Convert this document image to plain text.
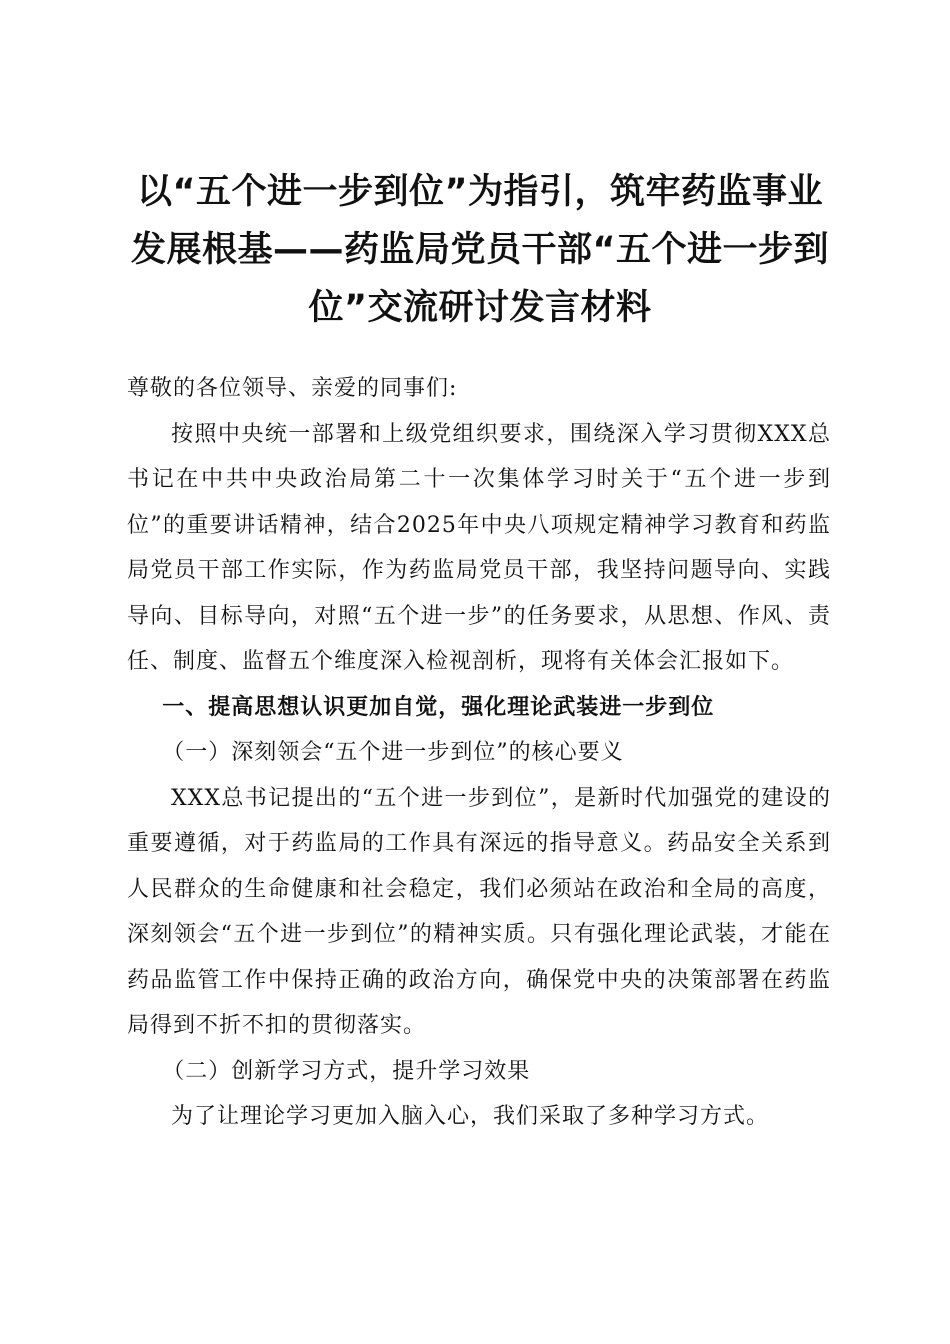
以“五个进一步到位”为指引，筑牢药监事业发展根基——药监局党员干部“五个进一步到位”交流研讨发言材料

尊敬的各位领导、亲爱的同事们:

按照中央统一部署和上级党组织要求，围绕深入学习贯彻XXX总书记在中共中央政治局第二十一次集体学习时关于“五个进一步到位”的重要讲话精神，结合2025年中央八项规定精神学习教育和药监局党员干部工作实际，作为药监局党员干部，我坚持问题导向、实践导向、目标导向，对照“五个进一步”的任务要求，从思想、作风、责任、制度、监督五个维度深入检视剖析，现将有关体会汇报如下。

一、提高思想认识更加自觉，强化理论武装进一步到位

（一）深刻领会“五个进一步到位”的核心要义

XXX总书记提出的“五个进一步到位”，是新时代加强党的建设的重要遵循，对于药监局的工作具有深远的指导意义。药品安全关系到人民群众的生命健康和社会稳定，我们必须站在政治和全局的高度，深刻领会“五个进一步到位”的精神实质。只有强化理论武装，才能在药品监管工作中保持正确的政治方向，确保党中央的决策部署在药监局得到不折不扣的贯彻落实。

（二）创新学习方式，提升学习效果

为了让理论学习更加入脑入心，我们采取了多种学习方式。
